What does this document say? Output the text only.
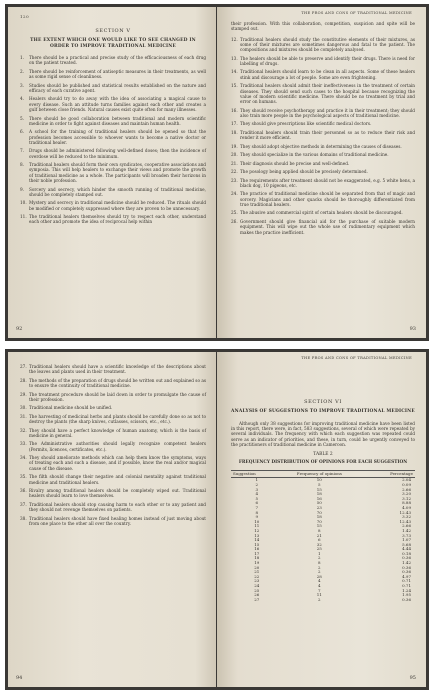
120
SECTION V
THE EXTENT WHICH ONE WOULD LIKE TO SEE CHANGED IN ORDER TO IMPROVE TRADITIONAL MEDICINE
1.	There should be a practical and precise study of the efficaciousness of each drug on the patient treated.
2.	There should be reinforcement of antiseptic measures in their treatments, as well as some rigid sense of cleanliness.
3.	Studies should be published and statistical results established on the nature and efficacy of each curative agent.
4.	Healers should try to do away with the idea of associating a magical cause to every disease. Such an attitude turns families against each other and creates a gulf between close friends. Natural causes exist quite often for many illnesses.
5.	There should be good collaboration between traditional and modern scientific medicine in order to fight against diseases and maintain human health.
6.	A school for the training of traditional healers should be opened so that the profession becomes accessible to whoever wants to become a native doctor or traditional healer.
7.	Drugs should be administered following well-defined doses; then the incidence of overdose will be reduced to the minimum.
8.	Traditional healers should form their own syndicates, cooperative associations and symposia. This will help healers to exchange their views and promote the growth of traditional medicine as a whole. The participants will broaden their horizons in their noble profession.
9.	Sorcery and secrecy, which hinder the smooth running of traditional medicine, should be completely stamped out.
10. Mystery and secrecy in traditional medicine should be reduced. The rituals should be modified or completely suppressed where they are proven to be unnecessary.
11. The traditional healers themselves should try to respect each other, understand each other and promote the idea of reciprocal help within
92
THE PROS AND CONS OF TRADITIONAL MEDICINE
their profession. With this collaboration, competition, suspicion and spite will be stamped out.
12. Traditional healers should study the constitutive elements of their mixtures, as some of their mixtures are sometimes dangerous and fatal to the patient. The compositions and mixtures should be completely analysed.
13. The healers should be able to preserve and identify their drugs. There is need for labelling of drugs.
14. Traditional healers should learn to be clean in all aspects. Some of these healers stink and discourage a lot of people. Some are even frightening.
15. Traditional healers should admit their ineffectiveness in the treatment of certain diseases. They should send such cases to the hospital because recognizing the value of modern scientific medicine. There should be no treatment by trial and error on humans.
16. They should receive psychotherapy and practice it in their treatment; they should also train more people in the psychological aspects of traditional medicine.
17. They should give prescriptions like scientific medical doctors.
18. Traditional healers should train their personnel so as to reduce their risk and render it more efficient.
19. They should adopt objective methods in determining the causes of diseases.
20. They should specialize in the various domains of traditional medicine.
21. Their diagnosis should be precise and well-defined.
22. The posology being applied should be precisely determined.
23. The requirements after treatment should not be exaggerated, e.g. 5 white hens, a black dog, 10 pigeons, etc.
24. The practice of traditional medicine should be separated from that of magic and sorcery. Magicians and other quacks should be thoroughly differentiated from true traditional healers.
25. The abusive and commercial spirit of certain healers should be discouraged.
26. Government should give financial aid for the purchase of suitable modern equipment. This will wipe out the whole use of rudimentary equipment which makes the practice inefficient.
93
27. Traditional healers should have a scientific knowledge of the descriptions about the leaves and plants used in their treatment.
28. The methods of the preparation of drugs should be written out and explained so as to ensure the continuity of traditional medicine.
29. The treatment procedure should be laid down in order to promulgate the cause of their profession.
30. Traditional medicine should be unified.
31. The harvesting of medicinal herbs and plants should be carefully done so as not to destroy the plants (the sharp knives, cutlasses, scissors, etc., etc.).
32. They should have a perfect knowledge of human anatomy, which is the basis of medicine in general.
33. The Administrative authorities should legally recognize competent healers (Permits, licences, certificates, etc.).
34. They should ameliorate methods which can help them know the symptoms, ways of treating each and such a disease, and if possible, know the real and/or magical cause of the disease.
35. The filth should change their negative and colonial mentality against traditional medicine and traditional healers.
36. Rivalry among traditional healers should be completely wiped out. Traditional healers should learn to love themselves.
37. Traditional healers should stop causing harm to each other or to any patient and they should not revenge themselves on patients.
38. Traditional healers should have fixed healing homes instead of just moving about from one place to the other all over the country.
94
THE PROS AND CONS OF TRADITIONAL MEDICINE
SECTION VI
ANALYSIS OF SUGGESTIONS TO IMPROVE TRADITIONAL MEDICINE
Although only 38 suggestions for improving traditional medicine have been listed in this report, there were, in fact, 583 suggestions, several of which were repeated by several individuals. The frequency with which each suggestion was repeated could serve as an indicator of priorities, and these, in turn, could be urgently conveyed to the practitioners of traditional medicine in Cameroon.
TABLE 2
FREQUENCY DISTRIBUTION OF OPINIONS FOR EACH SUGGESTION
Suggestion	Frequency of opinions	Percentage
1	10	2.04
2	5	0.09
3	15	2.66
4	18	3.20
5	16	3.12
6	50	8.88
7	23	4.09
8	70	12.43
9	18	3.32
10	70	12.43
11	15	2.66
12	8	1.42
13	21	3.73
14	6	1.07
15	32	5.68
16	25	4.44
17	1	0.18
18	2	0.36
19	8	1.42
20	2	0.36
21	2	0.36
22	28	4.97
23	4	0.71
24	4	0.71
25	7	1.24
26	11	1.95
27	2	0.36
95
